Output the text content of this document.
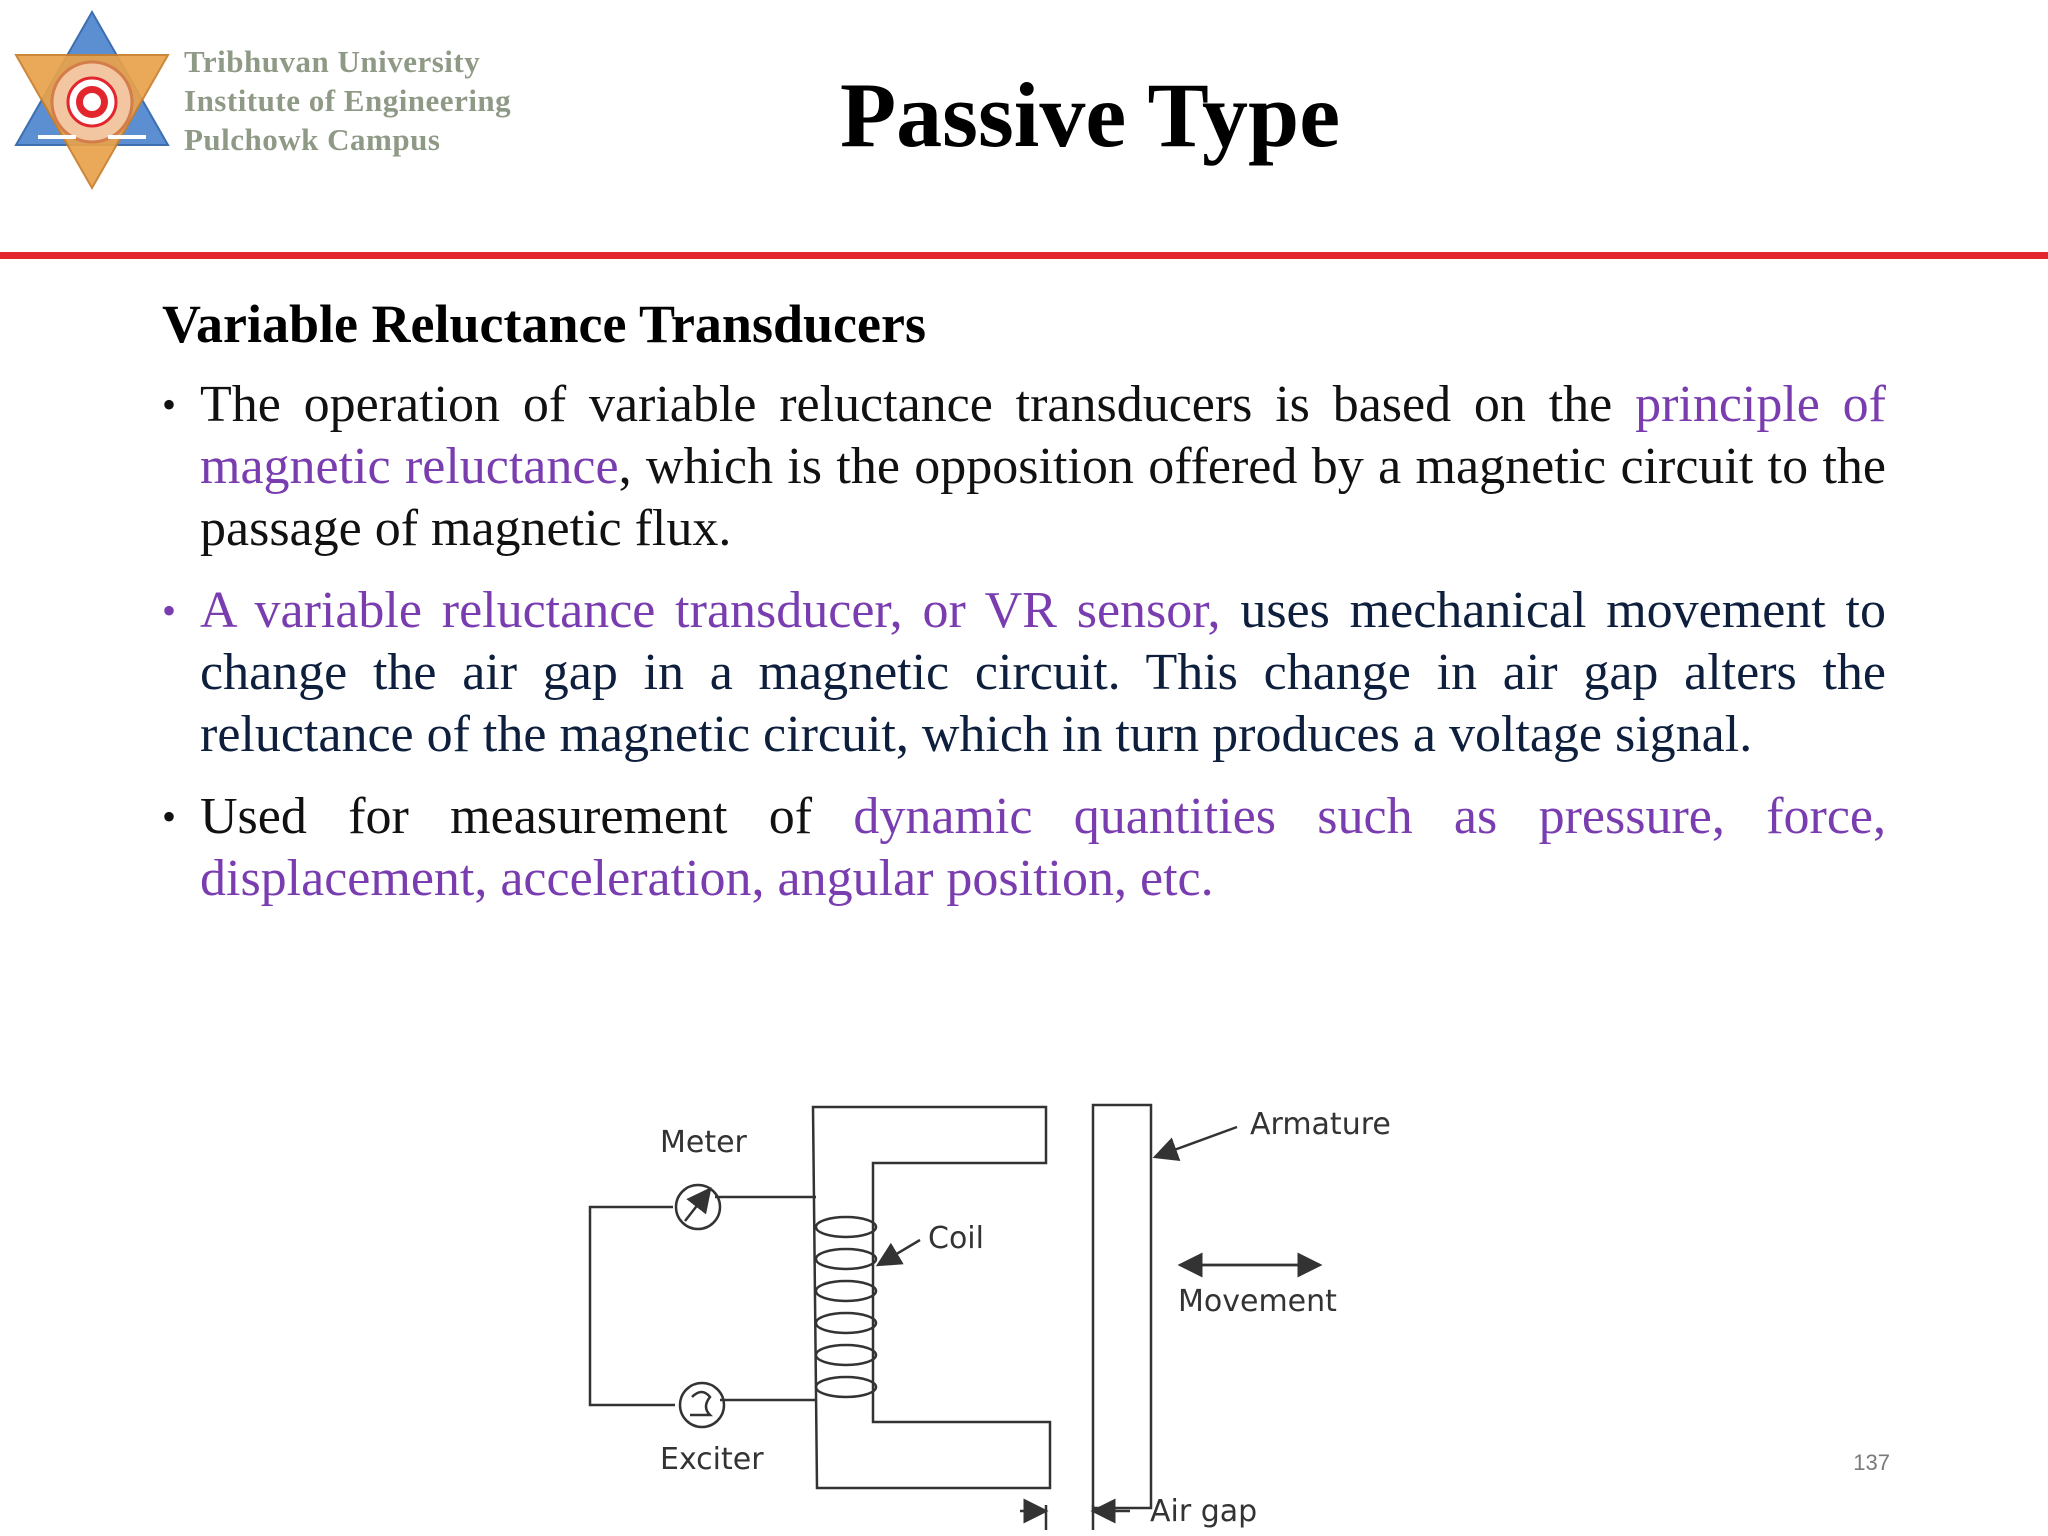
Tribhuvan University
Institute of Engineering
Pulchowk Campus	Passive Type
Variable Reluctance Transducers
• The operation of variable reluctance transducers is based on the principle of magnetic reluctance, which is the opposition offered by a magnetic circuit to the passage of magnetic flux.
• A variable reluctance transducer, or VR sensor, uses mechanical movement to change the air gap in a magnetic circuit. This change in air gap alters the reluctance of the magnetic circuit, which in turn produces a voltage signal.
• Used for measurement of dynamic quantities such as pressure, force, displacement, acceleration, angular position, etc.
Meter
Exciter
Coil
Armature
Movement
Air gap
137
